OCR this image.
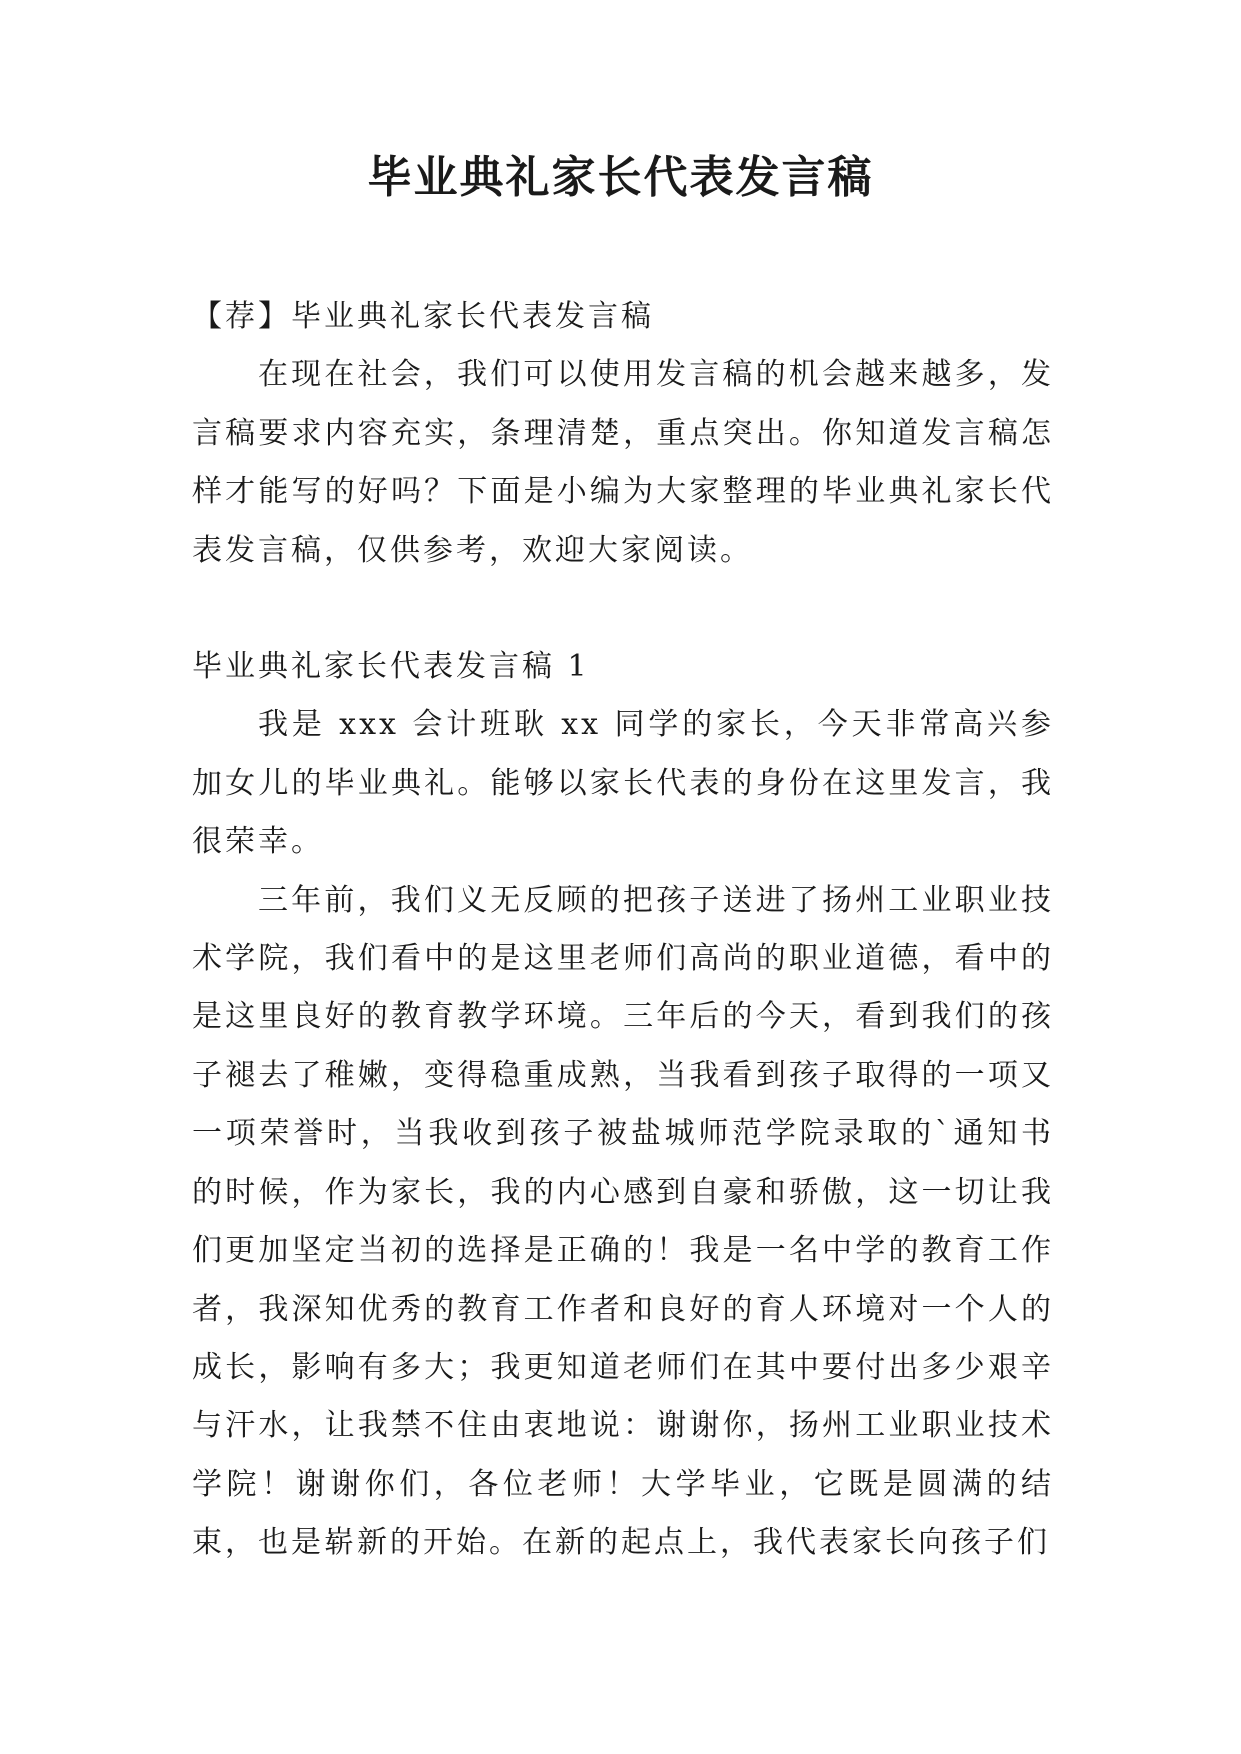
毕业典礼家长代表发言稿

【荐】毕业典礼家长代表发言稿

在现在社会，我们可以使用发言稿的机会越来越多，发言稿要求内容充实，条理清楚，重点突出。你知道发言稿怎样才能写的好吗？下面是小编为大家整理的毕业典礼家长代表发言稿，仅供参考，欢迎大家阅读。

毕业典礼家长代表发言稿 1

我是 xxx 会计班耿 xx 同学的家长，今天非常高兴参加女儿的毕业典礼。能够以家长代表的身份在这里发言，我很荣幸。

三年前，我们义无反顾的把孩子送进了扬州工业职业技术学院，我们看中的是这里老师们高尚的职业道德，看中的是这里良好的教育教学环境。三年后的今天，看到我们的孩子褪去了稚嫩，变得稳重成熟，当我看到孩子取得的一项又一项荣誉时，当我收到孩子被盐城师范学院录取的`通知书的时候，作为家长，我的内心感到自豪和骄傲，这一切让我们更加坚定当初的选择是正确的！我是一名中学的教育工作者，我深知优秀的教育工作者和良好的育人环境对一个人的成长，影响有多大；我更知道老师们在其中要付出多少艰辛与汗水，让我禁不住由衷地说：谢谢你，扬州工业职业技术学院！谢谢你们，各位老师！大学毕业，它既是圆满的结束，也是崭新的开始。在新的起点上，我代表家长向孩子们
